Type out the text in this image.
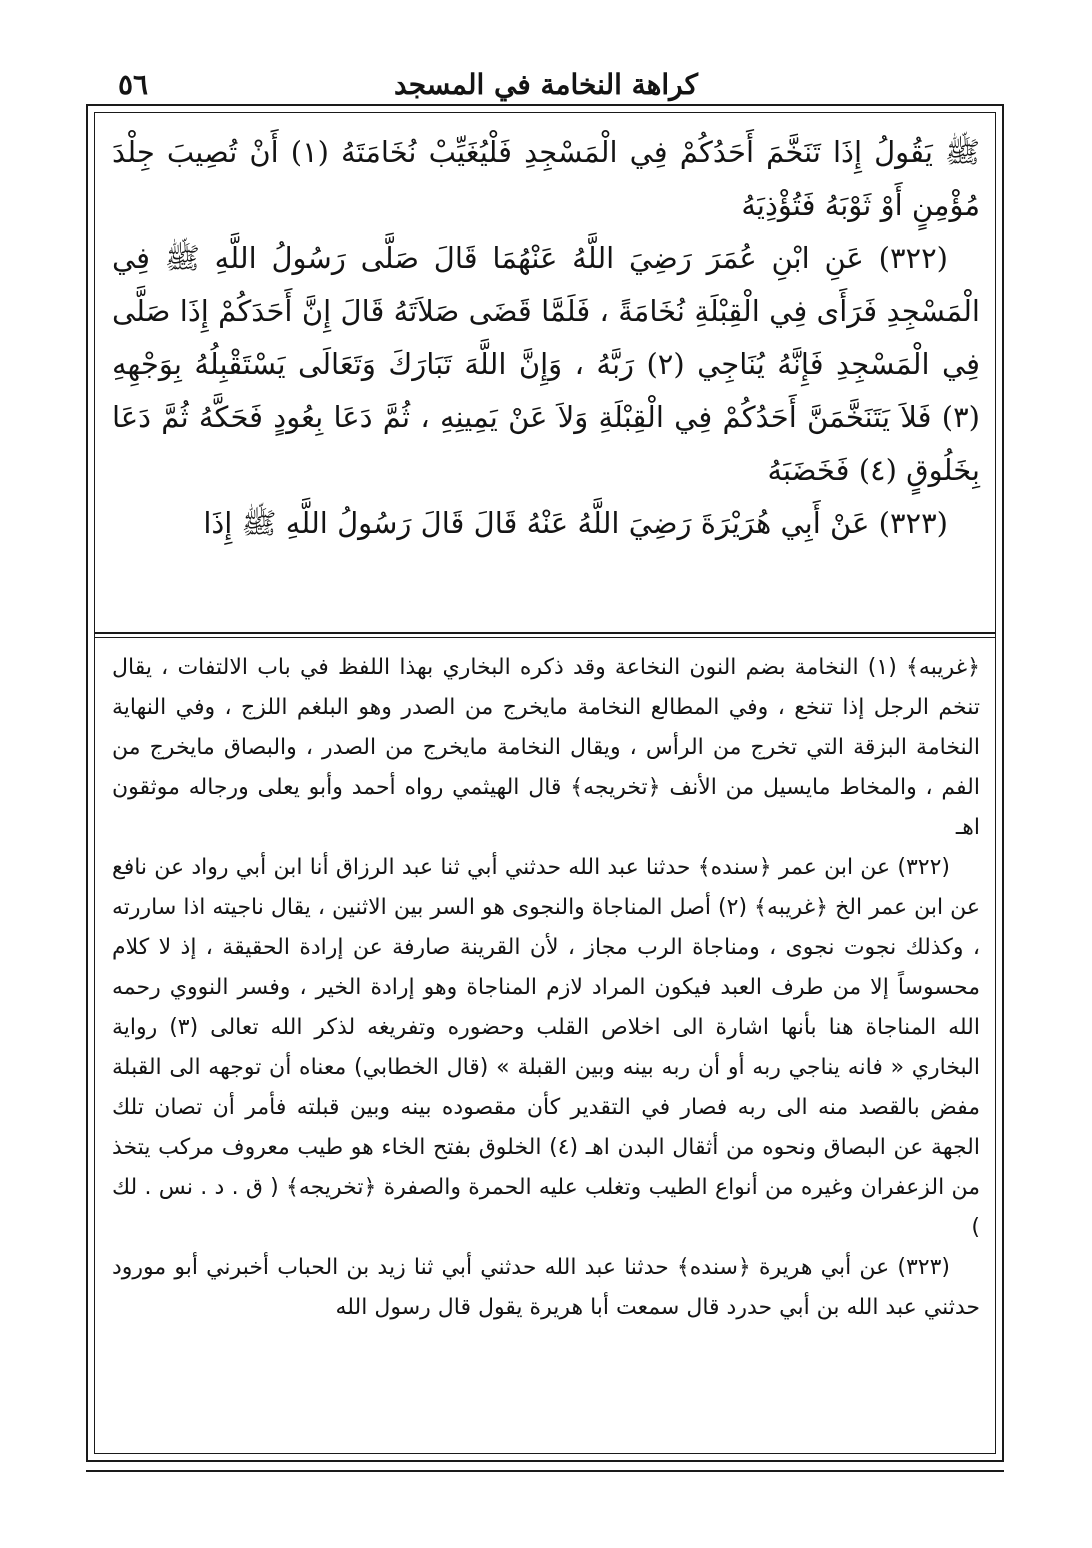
كراهة النخامة في المسجد
٥٦

ﷺ يَقُولُ إِذَا تَنَخَّمَ أَحَدُكُمْ فِي الْمَسْجِدِ فَلْيُغَيِّبْ نُخَامَتَهُ (١) أَنْ تُصِيبَ جِلْدَ مُؤْمِنٍ أَوْ ثَوْبَهُ فَتُؤْذِيَهُ

(٣٢٢) عَنِ ابْنِ عُمَرَ رَضِيَ اللَّهُ عَنْهُمَا قَالَ صَلَّى رَسُولُ اللَّهِ ﷺ فِي الْمَسْجِدِ فَرَأَى فِي الْقِبْلَةِ نُخَامَةً ، فَلَمَّا قَضَى صَلاَتَهُ قَالَ إِنَّ أَحَدَكُمْ إِذَا صَلَّى فِي الْمَسْجِدِ فَإِنَّهُ يُنَاجِي (٢) رَبَّهُ ، وَإِنَّ اللَّهَ تَبَارَكَ وَتَعَالَى يَسْتَقْبِلُهُ بِوَجْهِهِ (٣) فَلاَ يَتَنَخَّمَنَّ أَحَدُكُمْ فِي الْقِبْلَةِ وَلاَ عَنْ يَمِينِهِ ، ثُمَّ دَعَا بِعُودٍ فَحَكَّهُ ثُمَّ دَعَا بِخَلُوقٍ (٤) فَخَضَبَهُ

(٣٢٣) عَنْ أَبِي هُرَيْرَةَ رَضِيَ اللَّهُ عَنْهُ قَالَ قَالَ رَسُولُ اللَّهِ ﷺ إِذَا

﴿غريبه﴾ (١) النخامة بضم النون النخاعة وقد ذكره البخاري بهذا اللفظ في باب الالتفات ، يقال تنخم الرجل إذا تنخع ، وفي المطالع النخامة مايخرج من الصدر وهو البلغم اللزج ، وفي النهاية النخامة البزقة التي تخرج من الرأس ، ويقال النخامة مايخرج من الصدر ، والبصاق مايخرج من الفم ، والمخاط مايسيل من الأنف ﴿تخريجه﴾ قال الهيثمي رواه أحمد وأبو يعلى ورجاله موثقون اهـ

(٣٢٢) عن ابن عمر ﴿سنده﴾ حدثنا عبد الله حدثني أبي ثنا عبد الرزاق أنا ابن أبي رواد عن نافع عن ابن عمر الخ ﴿غريبه﴾ (٢) أصل المناجاة والنجوى هو السر بين الاثنين ، يقال ناجيته اذا ساررته ، وكذلك نجوت نجوى ، ومناجاة الرب مجاز ، لأن القرينة صارفة عن إرادة الحقيقة ، إذ لا كلام محسوساً إلا من طرف العبد فيكون المراد لازم المناجاة وهو إرادة الخير ، وفسر النووي رحمه الله المناجاة هنا بأنها اشارة الى اخلاص القلب وحضوره وتفريغه لذكر الله تعالى (٣) رواية البخاري « فانه يناجي ربه أو أن ربه بينه وبين القبلة » (قال الخطابي) معناه أن توجهه الى القبلة مفض بالقصد منه الى ربه فصار في التقدير كأن مقصوده بينه وبين قبلته فأمر أن تصان تلك الجهة عن البصاق ونحوه من أثقال البدن اهـ (٤) الخلوق بفتح الخاء هو طيب معروف مركب يتخذ من الزعفران وغيره من أنواع الطيب وتغلب عليه الحمرة والصفرة ﴿تخريجه﴾ ( ق . د . نس . لك )

(٣٢٣) عن أبي هريرة ﴿سنده﴾ حدثنا عبد الله حدثني أبي ثنا زيد بن الحباب أخبرني أبو مورود حدثني عبد الله بن أبي حدرد قال سمعت أبا هريرة يقول قال رسول الله
